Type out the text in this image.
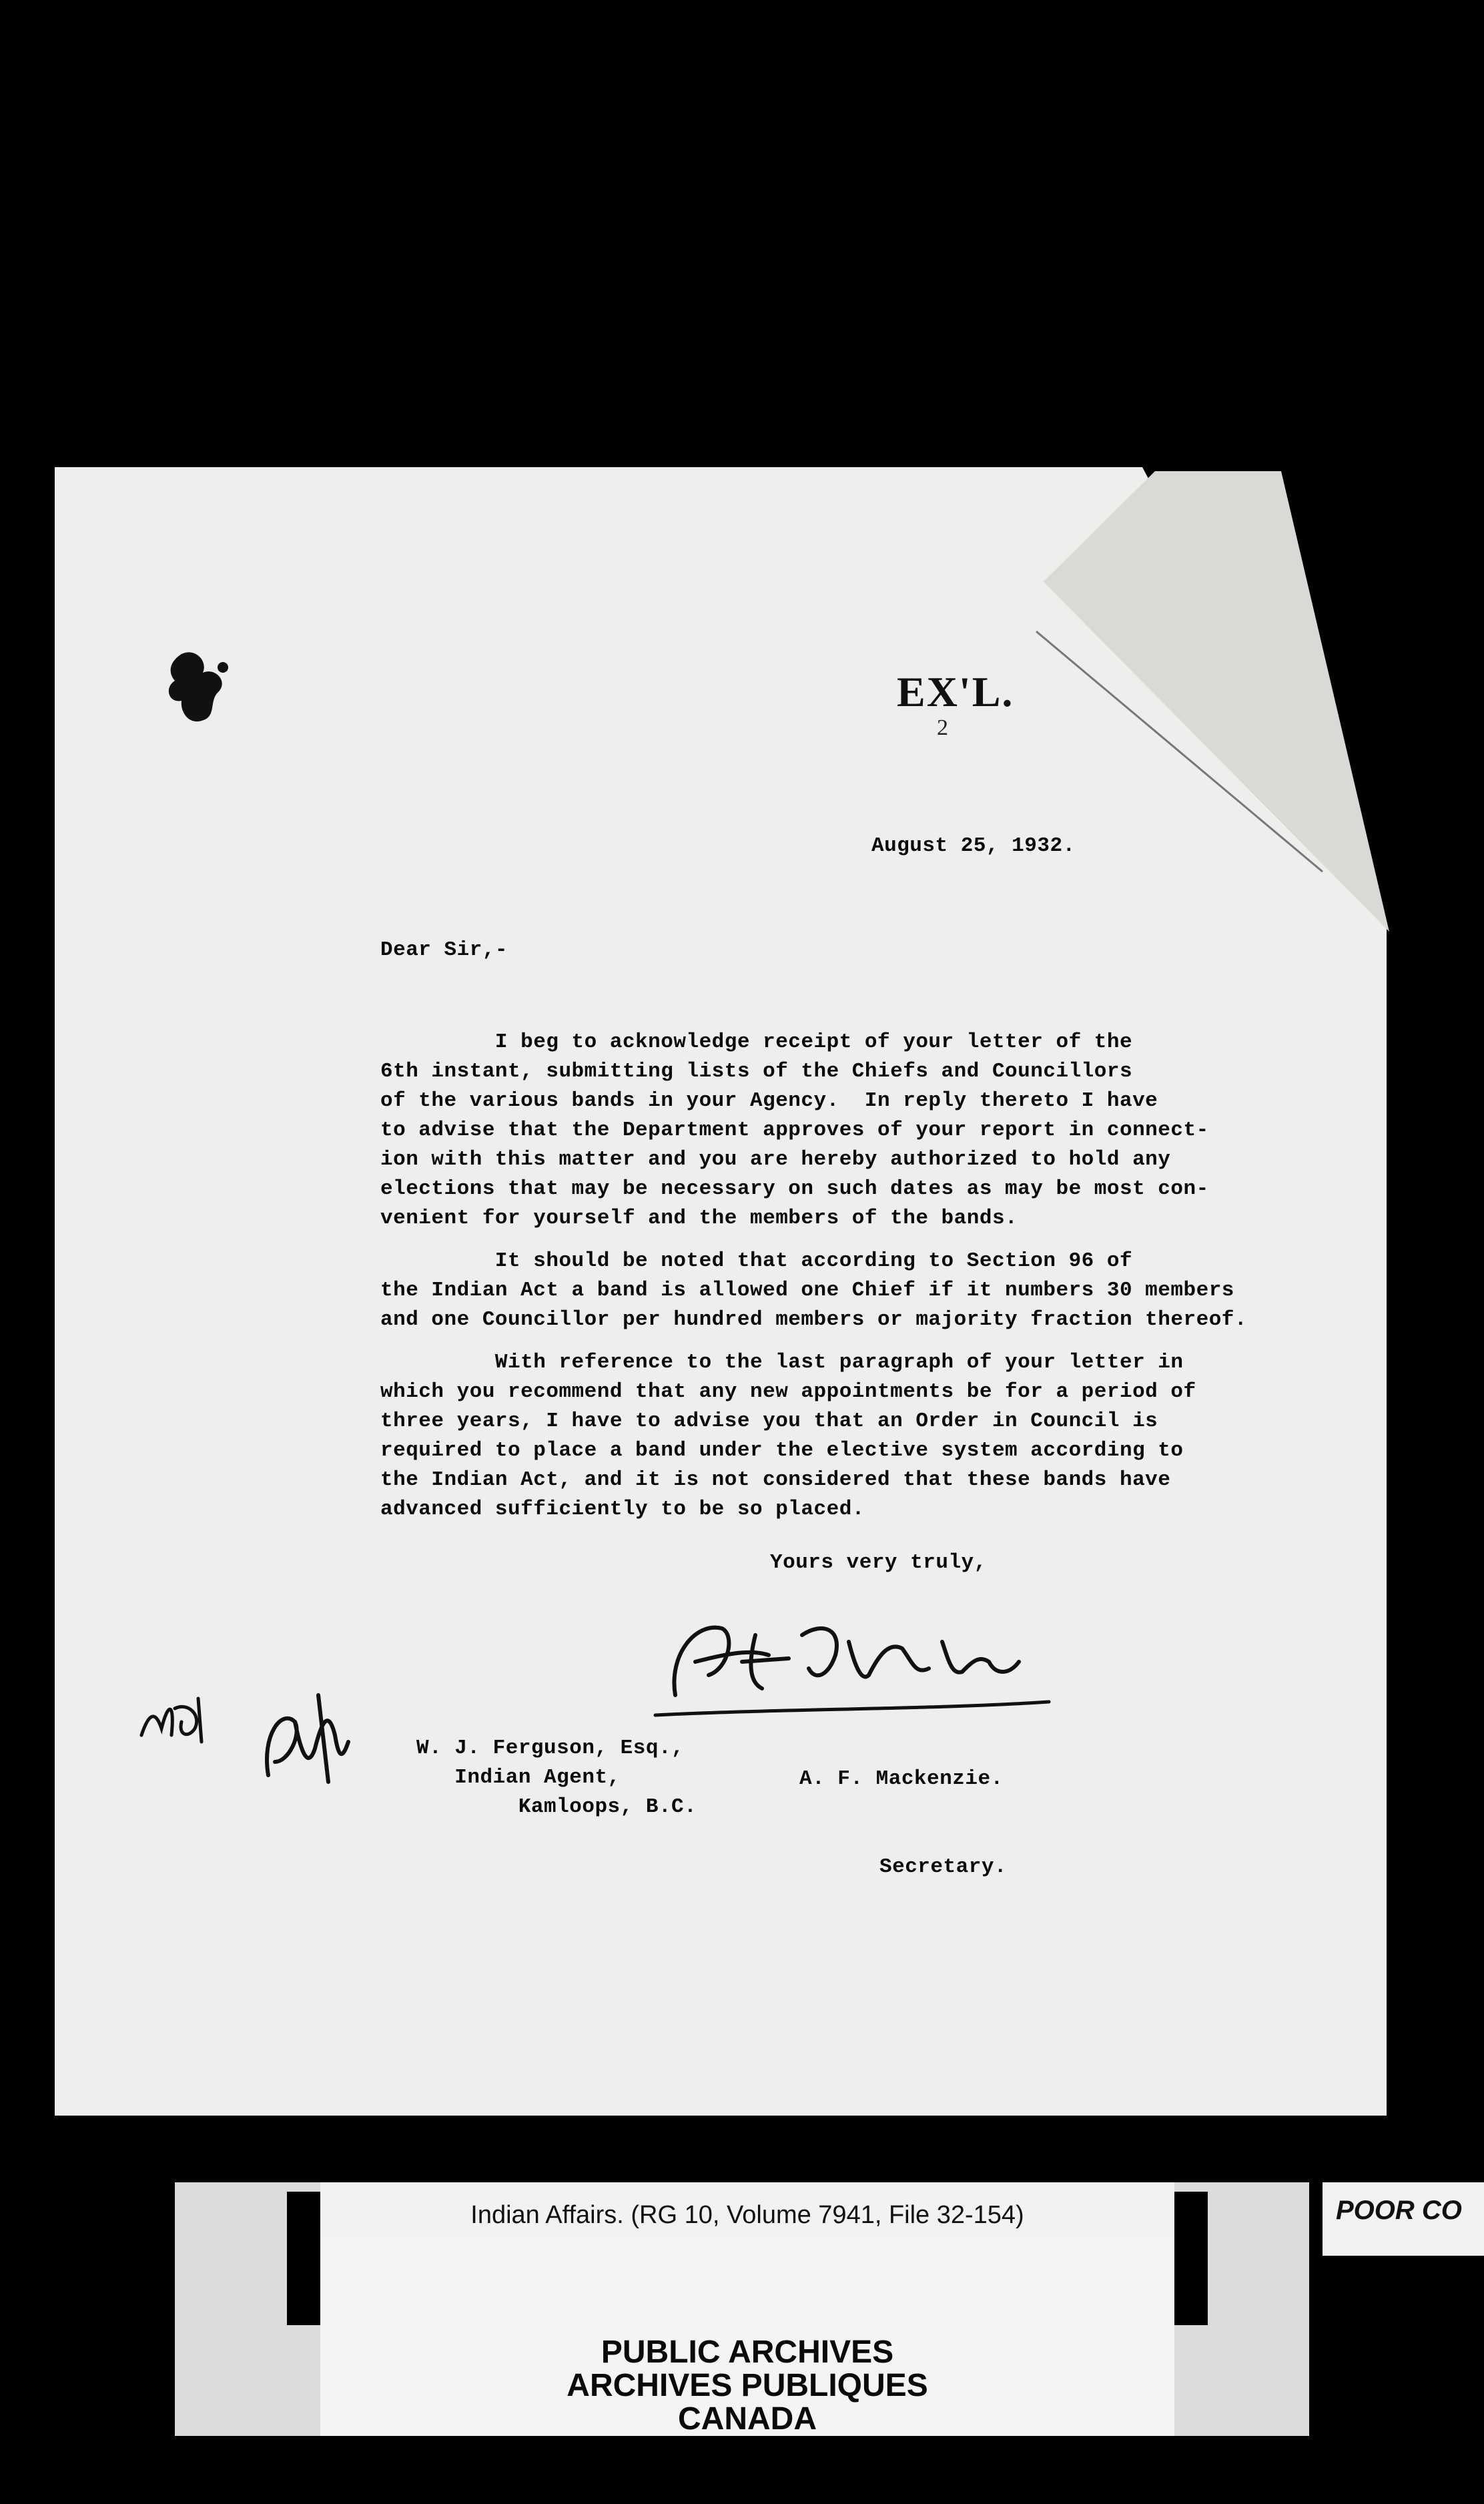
EX'L.
2
August 25, 1932.
Dear Sir,-
I beg to acknowledge receipt of your letter of the
6th instant, submitting lists of the Chiefs and Councillors
of the various bands in your Agency.  In reply thereto I have
to advise that the Department approves of your report in connect-
ion with this matter and you are hereby authorized to hold any
elections that may be necessary on such dates as may be most con-
venient for yourself and the members of the bands.
It should be noted that according to Section 96 of
the Indian Act a band is allowed one Chief if it numbers 30 members
and one Councillor per hundred members or majority fraction thereof.
With reference to the last paragraph of your letter in
which you recommend that any new appointments be for a period of
three years, I have to advise you that an Order in Council is
required to place a band under the elective system according to
the Indian Act, and it is not considered that these bands have
advanced sufficiently to be so placed.
Yours very truly,

A. F. Mackenzie.

Secretary.

W. J. Ferguson, Esq.,
Indian Agent,
Kamloops, B.C.
Indian Affairs. (RG 10, Volume 7941, File 32-154)
PUBLIC ARCHIVES
ARCHIVES PUBLIQUES
CANADA
POOR CO
